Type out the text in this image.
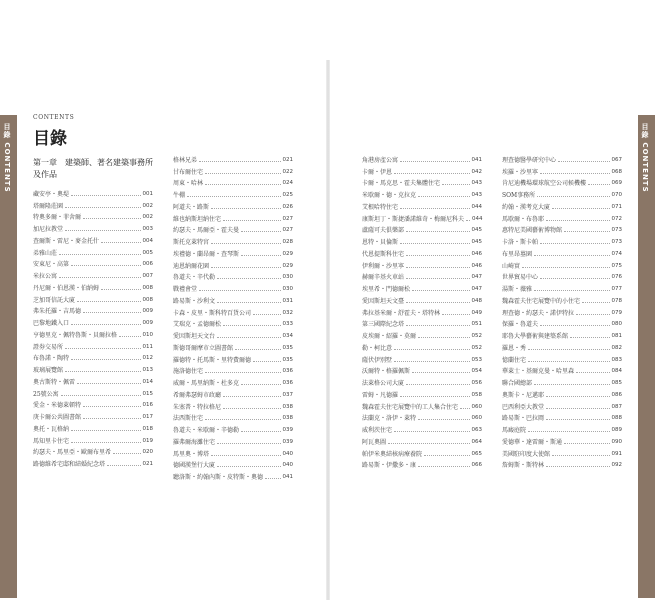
目錄 CONTENTS	目錄 CONTENTS
CONTENTS
目錄
第一章　建築師、著名建築事務所及作品
藏安亭・奧堤	001
塔爾隆莊園	002
特奧多爾・菲舍爾	002
加尼拉教堂	003
查爾斯・雷尼・麥金托什	004
弟雅山莊	005
安東尼・高第	006
米拉公寓	007
丹尼爾・伯恩漢・伯納姆	008
芝加哥信託大廈	008
弗朱托羅・吉馬德	009
巴黎地鐵入口	009
亨德里克・佩特魯斯・貝爾拉格	010
證券交易所	011
布魯諾・陶特	012
玻璃展覽館	013
奧古斯特・佩雷	014
25號公寓	015
愛金・米德萊頓特	016
庚卡爾公共圖書館	017
奧托・瓦格納	018
馬知里卡住宅	019
約瑟夫・馬里亞・歐爾布里希	020
路德維希宅邸和結婚紀念塔	021
格林兄弟	021
甘布爾住宅	022
周東・哈林	024
牛棚	025
阿道夫・路斯	026
維也納斯坦納住宅	027
約瑟夫・馬爾亞・霍夫曼	027
斯托克萊特宮	028
埃禮德・蘭昂爾・查琴斯	029
迪恩納爾花園	029
魯道夫・辛代勒	030
戰禮會堂	030
路易斯・沙利文	031
卡森・皮里・斯科特百貨公司	032
艾瑞克・孟德爾松	033
愛因斯坦天文台	034
斯德哥爾摩市立圖書館	035
羅德特・托馬斯・里特費爾德	035
施洛德住宅	036
威爾・馬里納斯・杜多克	036
希爾弗瑟姆市政廳	037
朱塞普・特拉格尼	038
法西斯住宅	038
魯道夫・米歇爾・辛德勒	039
羅弗爾海灘住宅	039
馬里奧・博塔	040
德國漢堡行大廈	040
聽洛斯・約翰內斯・皮特斯・奧德	041
角港房產公寓	041
卡爾・伊恩	042
卡爾・馬克思・霍夫集體住宅	043
米歇爾・德・克拉克	043
艾根哈特住宅	044
康斯坦丁・斯捷潘諾維奇・梅爾尼科夫 044
盧薩可夫俱樂部	045
恩特・貝倫斯	045
代恩提斯科住宅	046
伊利爾・沙里寧	046
赫爾辛基火車站	047
埃里希・門德爾松	047
愛因斯坦天文臺	048
弗拉基米爾・舒霍夫・塔特林	049
第三國際紀念塔	051
皮埃爾・紹羅・莫爾	052
勒・柯比意	052
薩伏伊別墅	053
沃爾特・格羅佩斯	054
法萊格公司大廈	056
雷姆・凡德羅	058
魏森霍夫住宅展覽中的工人集合住宅 060
法蘭克・洛伊・萊特	060
威利茨住宅	063
阿瓦奧圖	064
帕伊米奧結核病療養院	065
路易斯・伊撒多・康	066
理查德醫學研究中心	067
埃羅・沙里寧	068
肯尼迪機場環球航空公司候機樓	069
SOM事務所	070
約翰・漢考克大廈	071
馬歇爾・布魯耶	072
惠特尼美國藝術博物館	073
卡洛・斯卡帕	073
布里昂墓園	074
山崎實	075
世界貿易中心	076
湯斯・薇雅	077
魏森霍夫住宅展覽中的小住宅	078
理查德・約瑟夫・諾伊特拉	079
保羅・魯道夫	080
耶魯大學藝術與建築系館	081
羅恩・秀	082
憶蘭住宅	083
華萊士・基爾克曼・哈里森	084
聯合國總部	085
奧斯卡・尼邁耶	086
巴西利亞大教堂	087
路易斯・巴拉岡	088
馬廄庭院	089
愛德華・達雷爾・斯通	090
美國駐印度大使館	091
詹姆斯・斯特林	092
